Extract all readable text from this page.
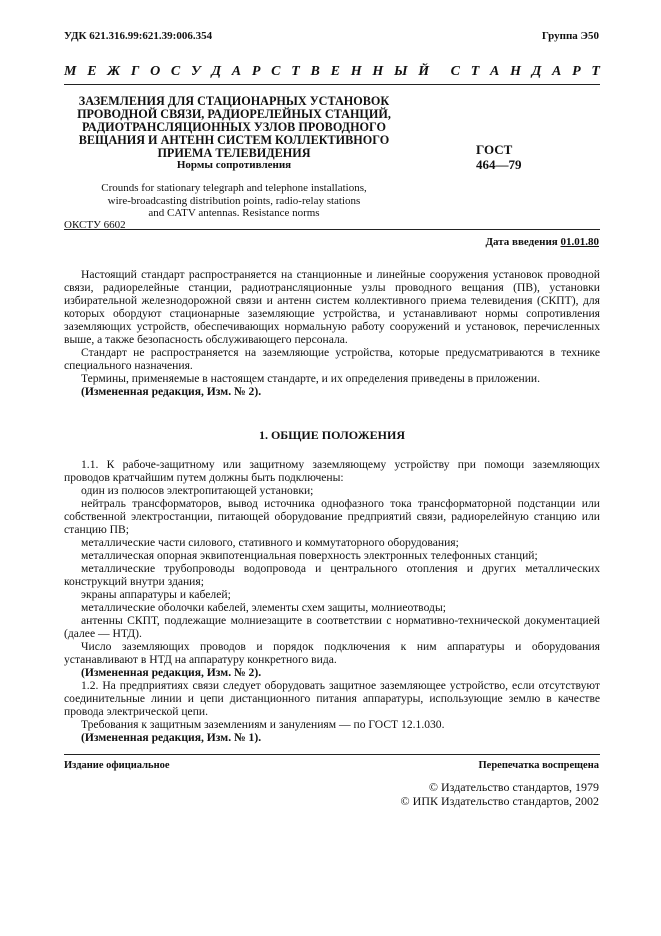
УДК 621.316.99:621.39:006.354	Группа Э50
М Е Ж Г О С У Д А Р С Т В Е Н Н Ы Й С Т А Н Д А Р Т
ЗАЗЕМЛЕНИЯ ДЛЯ СТАЦИОНАРНЫХ УСТАНОВОК
ПРОВОДНОЙ СВЯЗИ, РАДИОРЕЛЕЙНЫХ СТАНЦИЙ,
РАДИОТРАНСЛЯЦИОННЫХ УЗЛОВ ПРОВОДНОГО
ВЕЩАНИЯ И АНТЕНН СИСТЕМ КОЛЛЕКТИВНОГО
ПРИЕМА ТЕЛЕВИДЕНИЯ	ГОСТ
464—79
Нормы сопротивления
Crounds for stationary telegraph and telephone installations,
wire-broadcasting distribution points, radio-relay stations
and CATV antennas. Resistance norms
ОКСТУ 6602
Дата введения 01.01.80

Настоящий стандарт распространяется на станционные и линейные сооружения установок проводной связи, радиорелейные станции, радиотрансляционные узлы проводного вещания (ПВ), установки избирательной железнодорожной связи и антенн систем коллективного приема телевидения (СКПТ), для которых обордуют стационарные заземляющие устройства, и устанавливают нормы сопротивления заземляющих устройств, обеспечивающих нормальную работу сооружений и установок, перечисленных выше, а также безопасность обслуживающего персонала.

Стандарт не распространяется на заземляющие устройства, которые предусматриваются в технике специального назначения.

Термины, применяемые в настоящем стандарте, и их определения приведены в приложении.

(Измененная редакция, Изм. № 2).

1. ОБЩИЕ ПОЛОЖЕНИЯ

1.1. К рабоче-защитному или защитному заземляющему устройству при помощи заземляющих проводов кратчайшим путем должны быть подключены:

один из полюсов электропитающей установки;

нейтраль трансформаторов, вывод источника однофазного тока трансформаторной подстанции или собственной электростанции, питающей оборудование предприятий связи, радиорелейную станцию или станцию ПВ;

металлические части силового, стативного и коммутаторного оборудования;

металлическая опорная эквипотенциальная поверхность электронных телефонных станций;

металлические трубопроводы водопровода и центрального отопления и других металлических конструкций внутри здания;

экраны аппаратуры и кабелей;

металлические оболочки кабелей, элементы схем защиты, молниеотводы;

антенны СКПТ, подлежащие молниезащите в соответствии с нормативно-технической документацией (далее — НТД).

Число заземляющих проводов и порядок подключения к ним аппаратуры и оборудования устанавливают в НТД на аппаратуру конкретного вида.

(Измененная редакция, Изм. № 2).

1.2. На предприятиях связи следует оборудовать защитное заземляющее устройство, если отсутствуют соединительные линии и цепи дистанционного питания аппаратуры, использующие землю в качестве провода электрической цепи.

Требования к защитным заземлениям и занулениям — по ГОСТ 12.1.030.

(Измененная редакция, Изм. № 1).

Издание официальное	Перепечатка воспрещена
© Издательство стандартов, 1979
© ИПК Издательство стандартов, 2002
